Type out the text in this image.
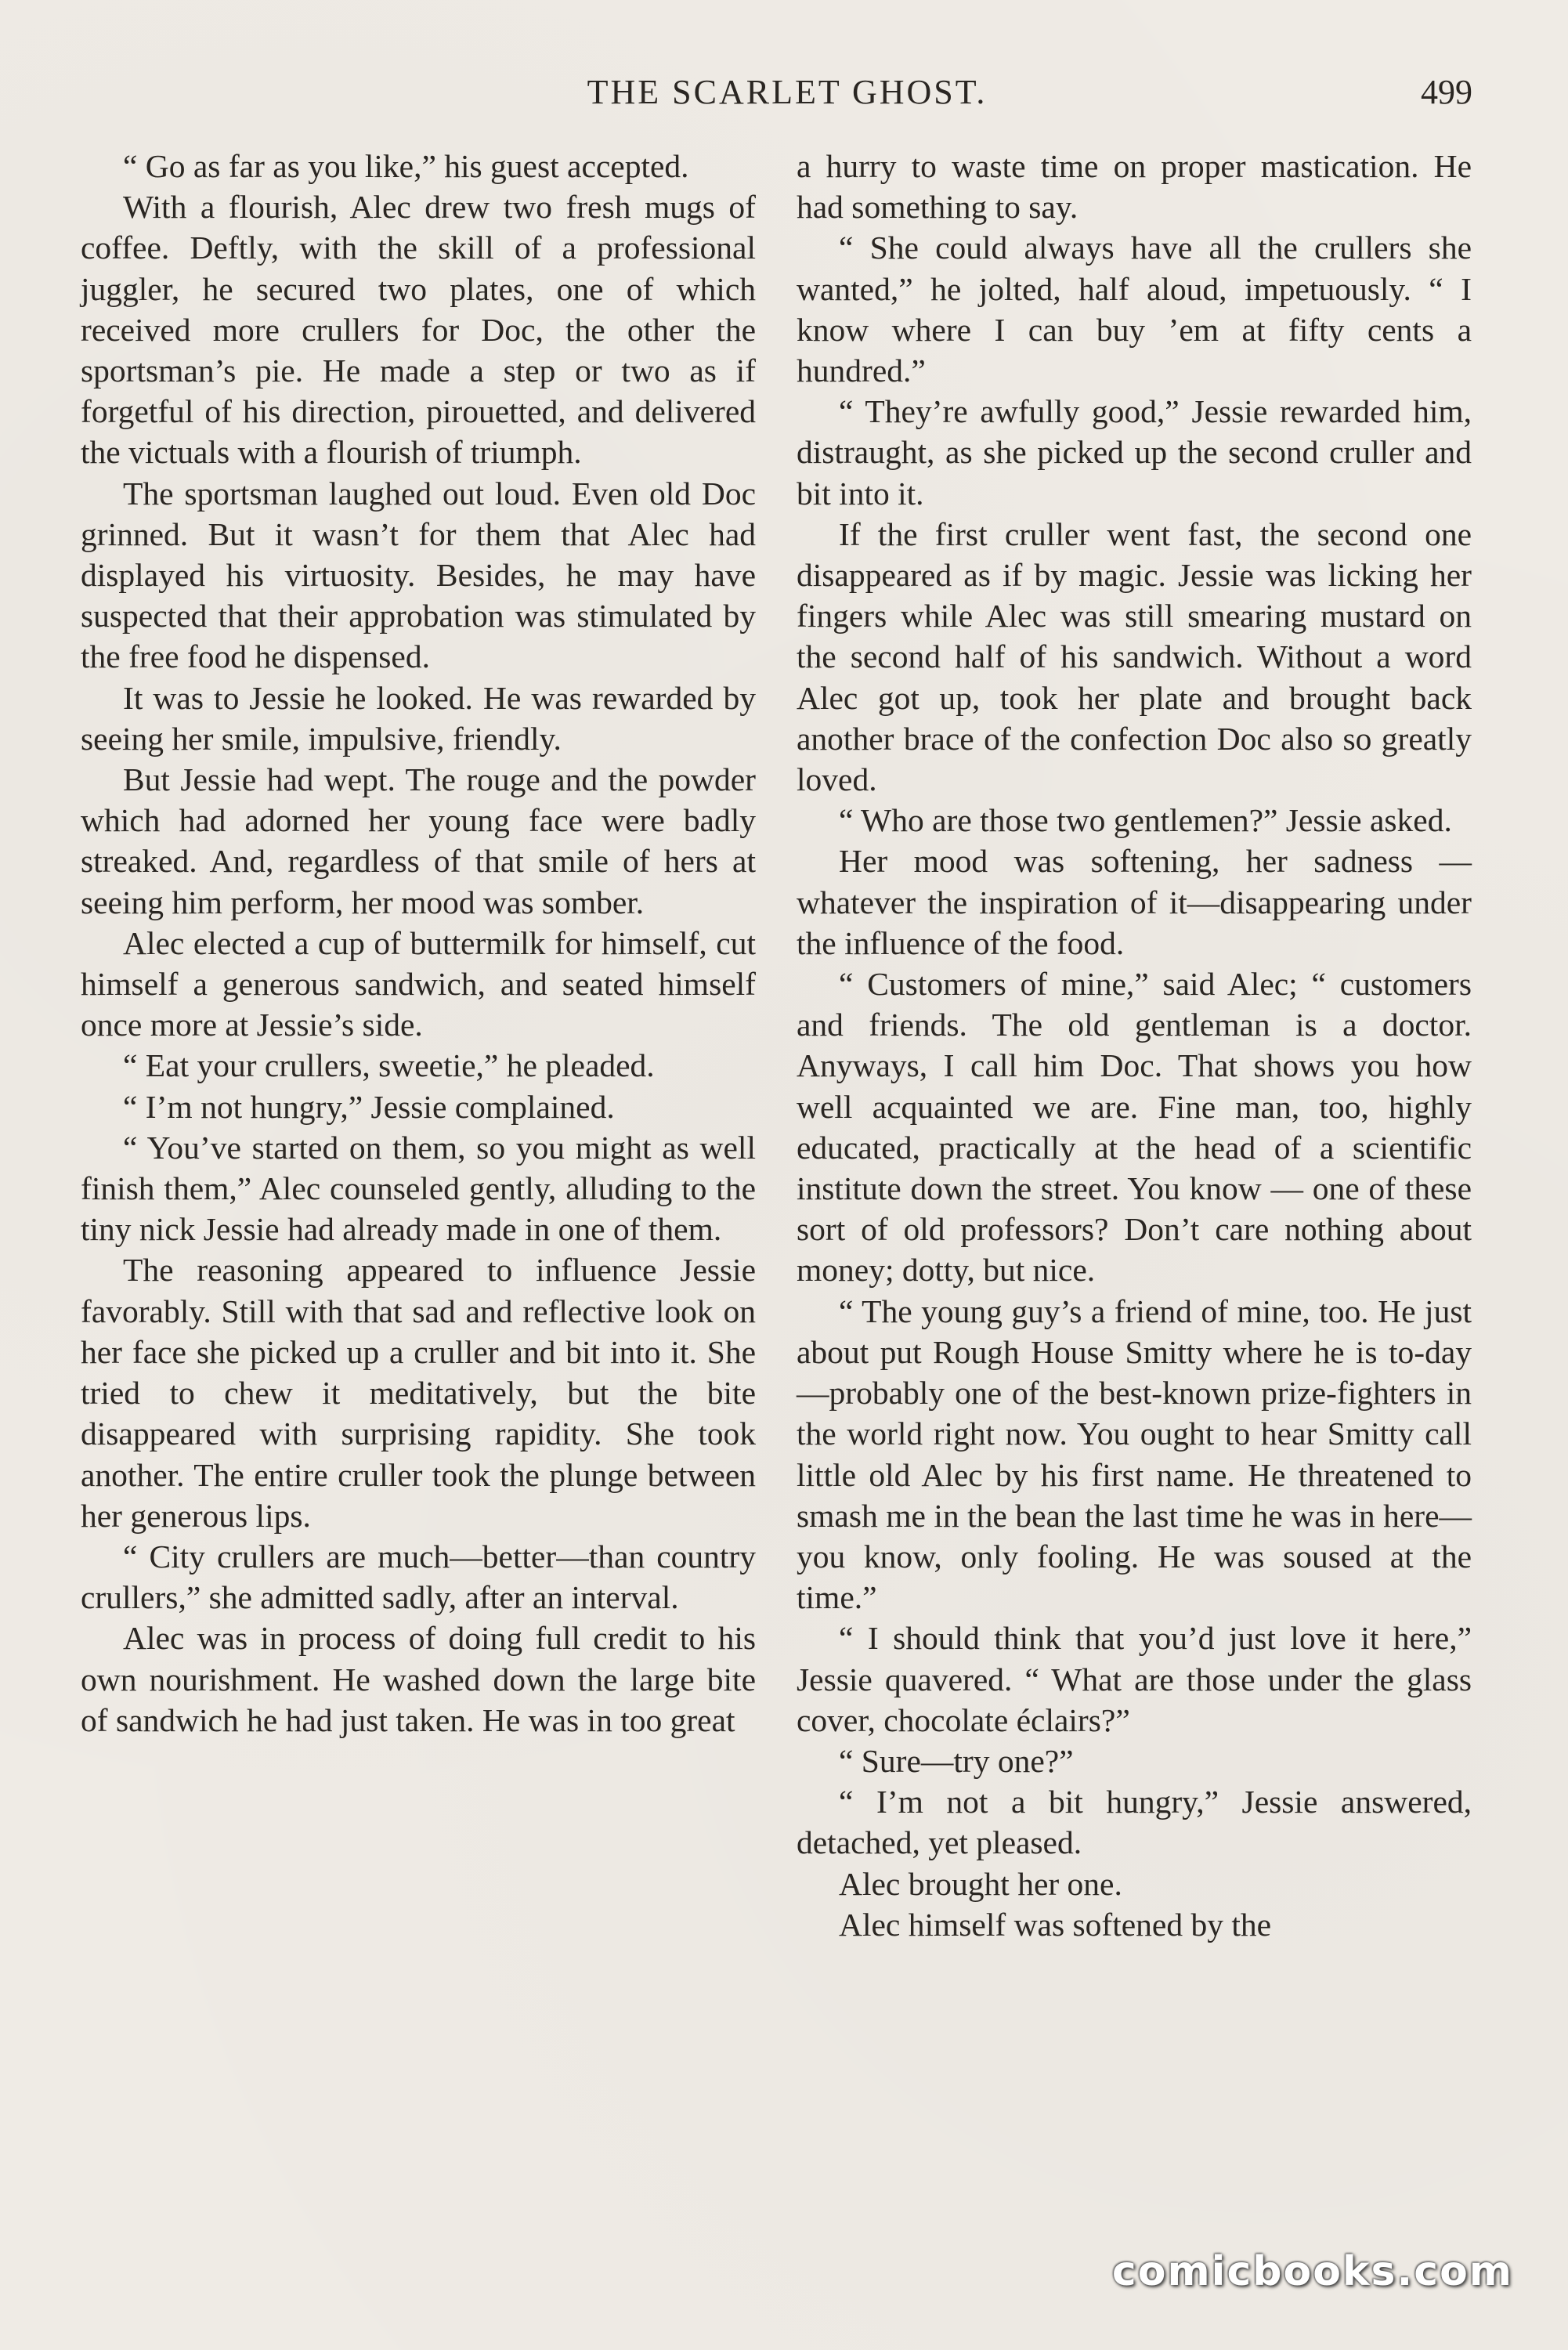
THE SCARLET GHOST.	499

“ Go as far as you like,” his guest accepted.

With a flourish, Alec drew two fresh mugs of coffee. Deftly, with the skill of a professional juggler, he secured two plates, one of which received more crullers for Doc, the other the sportsman’s pie. He made a step or two as if forgetful of his direction, pirouetted, and delivered the victuals with a flourish of triumph.

The sportsman laughed out loud. Even old Doc grinned. But it wasn’t for them that Alec had displayed his virtuosity. Besides, he may have suspected that their approbation was stimulated by the free food he dispensed.

It was to Jessie he looked. He was rewarded by seeing her smile, impulsive, friendly.

But Jessie had wept. The rouge and the powder which had adorned her young face were badly streaked. And, regardless of that smile of hers at seeing him perform, her mood was somber.

Alec elected a cup of buttermilk for himself, cut himself a generous sandwich, and seated himself once more at Jessie’s side.

“ Eat your crullers, sweetie,” he pleaded.

“ I’m not hungry,” Jessie complained.

“ You’ve started on them, so you might as well finish them,” Alec counseled gently, alluding to the tiny nick Jessie had already made in one of them.

The reasoning appeared to influence Jessie favorably. Still with that sad and reflective look on her face she picked up a cruller and bit into it. She tried to chew it meditatively, but the bite disappeared with surprising rapidity. She took another. The entire cruller took the plunge between her generous lips.

“ City crullers are much—better—than country crullers,” she admitted sadly, after an interval.

Alec was in process of doing full credit to his own nourishment. He washed down the large bite of sandwich he had just taken. He was in too great

a hurry to waste time on proper mastication. He had something to say.

“ She could always have all the crullers she wanted,” he jolted, half aloud, impetuously. “ I know where I can buy ’em at fifty cents a hundred.”

“ They’re awfully good,” Jessie rewarded him, distraught, as she picked up the second cruller and bit into it.

If the first cruller went fast, the second one disappeared as if by magic. Jessie was licking her fingers while Alec was still smearing mustard on the second half of his sandwich. Without a word Alec got up, took her plate and brought back another brace of the confection Doc also so greatly loved.

“ Who are those two gentlemen?” Jessie asked.

Her mood was softening, her sadness —whatever the inspiration of it—disappearing under the influence of the food.

“ Customers of mine,” said Alec; “ customers and friends. The old gentleman is a doctor. Anyways, I call him Doc. That shows you how well acquainted we are. Fine man, too, highly educated, practically at the head of a scientific institute down the street. You know — one of these sort of old professors? Don’t care nothing about money; dotty, but nice.

“ The young guy’s a friend of mine, too. He just about put Rough House Smitty where he is to-day—probably one of the best-known prize-fighters in the world right now. You ought to hear Smitty call little old Alec by his first name. He threatened to smash me in the bean the last time he was in here— you know, only fooling. He was soused at the time.”

“ I should think that you’d just love it here,” Jessie quavered. “ What are those under the glass cover, chocolate éclairs?”

“ Sure—try one?”

“ I’m not a bit hungry,” Jessie answered, detached, yet pleased.

Alec brought her one.

Alec himself was softened by the

comicbooks.com
